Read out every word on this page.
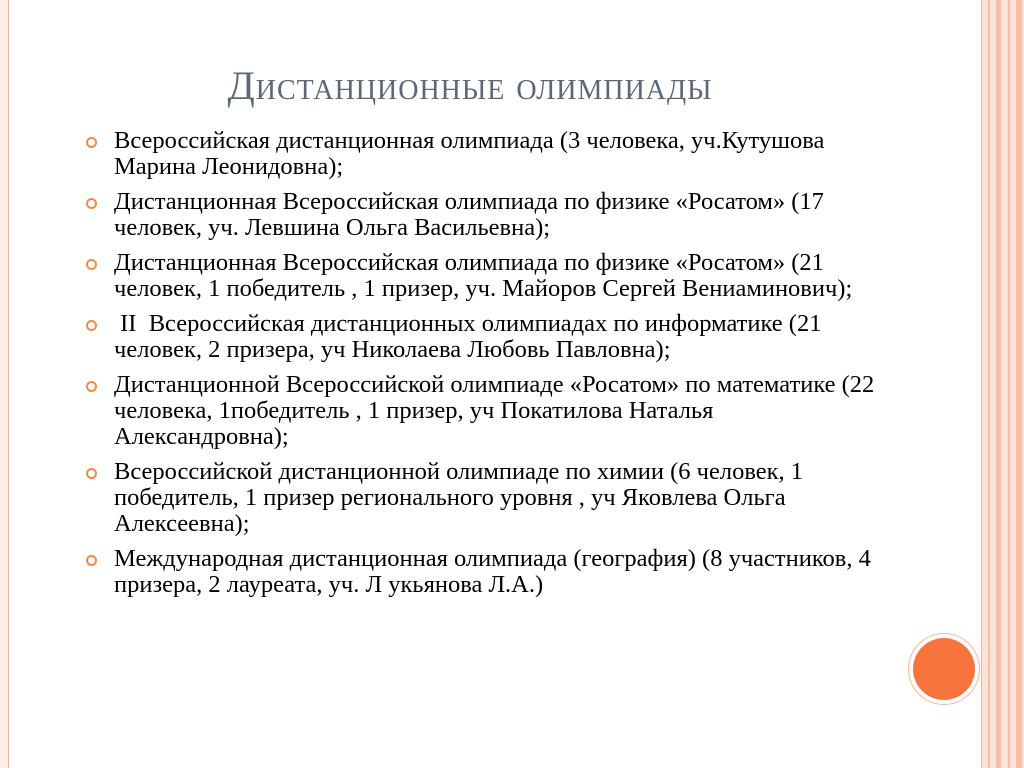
Дистанционные олимпиады
Всероссийская дистанционная олимпиада (3 человека, уч.Кутушова Марина Леонидовна);
Дистанционная Всероссийская олимпиада по физике «Росатом» (17 человек, уч. Левшина Ольга Васильевна);
Дистанционная Всероссийская олимпиада по физике «Росатом» (21 человек, 1 победитель , 1 призер, уч. Майоров Сергей Вениаминович);
II  Всероссийская дистанционных олимпиадах по информатике (21 человек, 2 призера, уч Николаева Любовь Павловна);
Дистанционной Всероссийской олимпиаде «Росатом» по математике (22 человека, 1победитель , 1 призер, уч Покатилова Наталья Александровна);
Всероссийской дистанционной олимпиаде по химии (6 человек, 1 победитель, 1 призер регионального уровня , уч Яковлева Ольга Алексеевна);
Международная дистанционная олимпиада (география) (8 участников, 4 призера, 2 лауреата, уч. Л укьянова Л.А.)
